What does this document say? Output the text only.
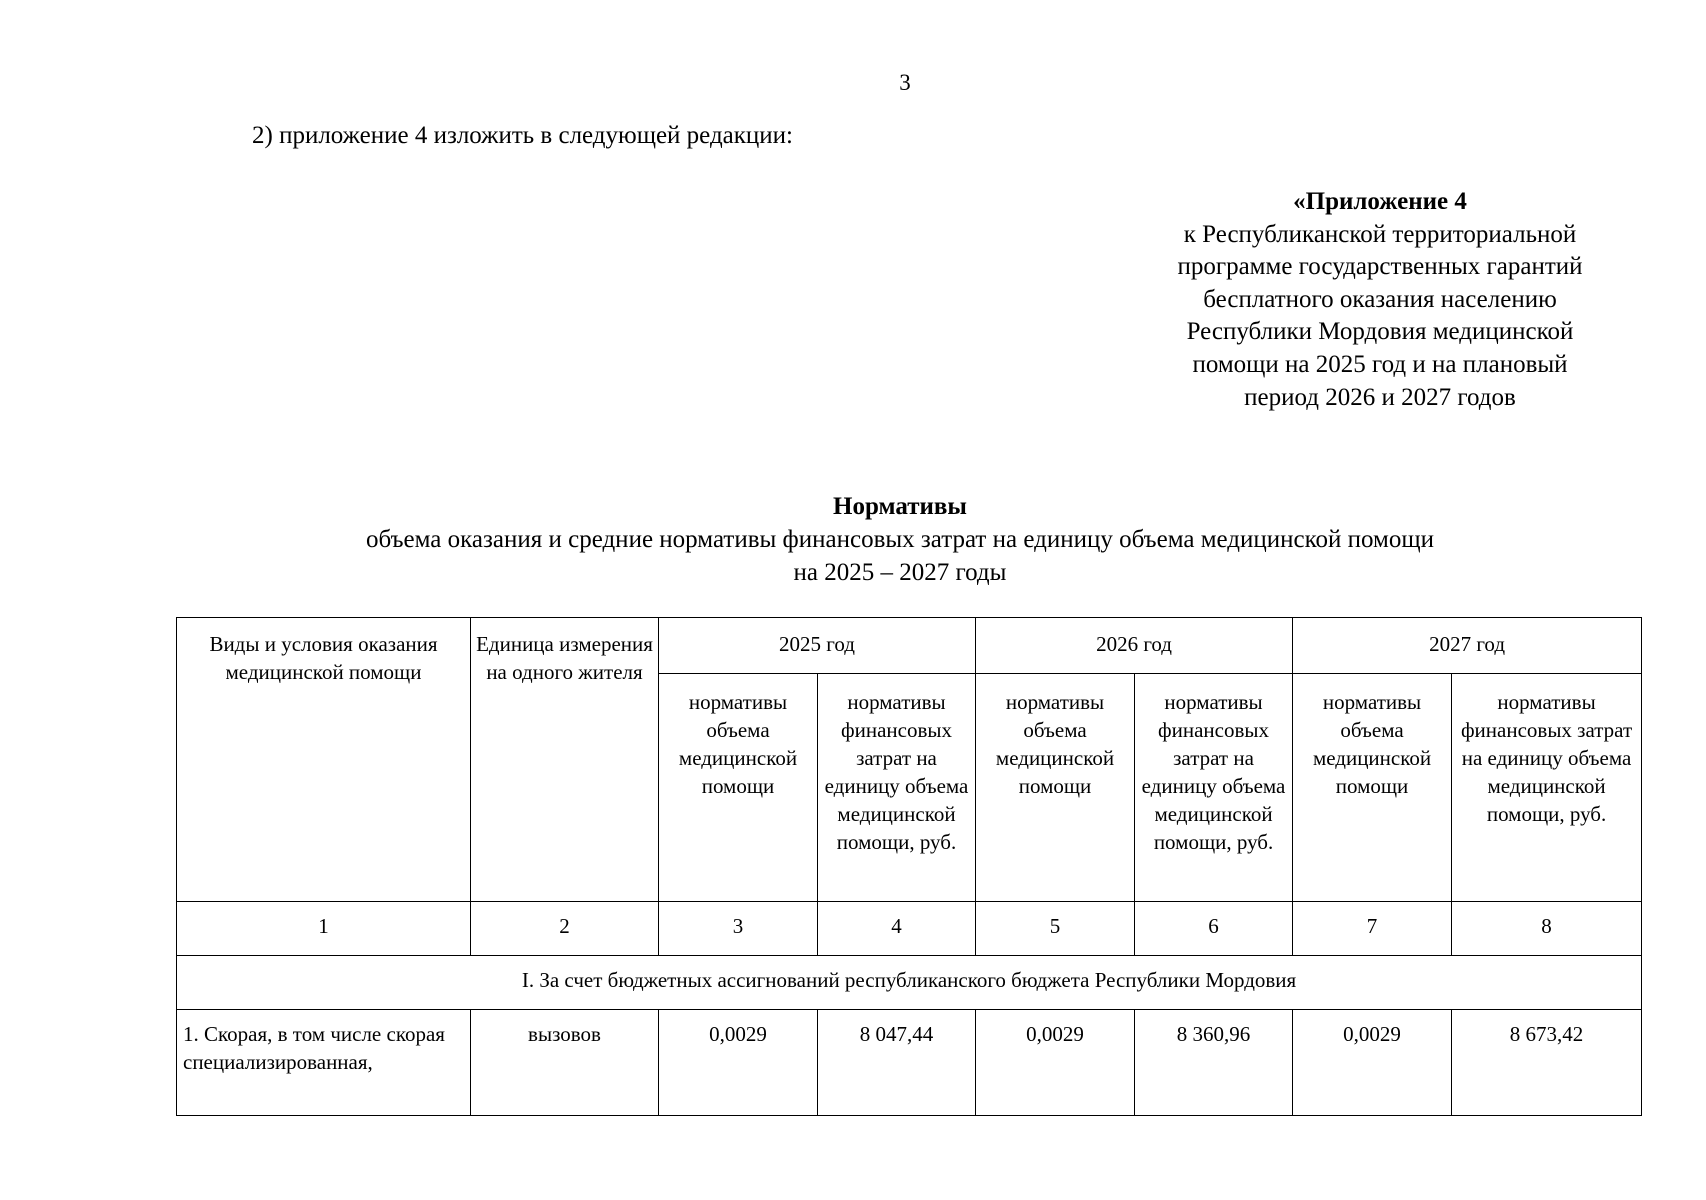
3
2) приложение 4 изложить в следующей редакции:
«Приложение 4
к Республиканской территориальной
программе государственных гарантий
бесплатного оказания населению
Республики Мордовия медицинской
помощи на 2025 год и на плановый
период 2026 и 2027 годов
Нормативы
объема оказания и средние нормативы финансовых затрат на единицу объема медицинской помощи
на 2025 – 2027 годы
Виды и условия оказания медицинской помощи	Единица измерения на одного жителя	2025 год		2026 год		2027 год	
		нормативы объема медицинской помощи	нормативы финансовых затрат на единицу объема медицинской помощи, руб.	нормативы объема медицинской помощи	нормативы финансовых затрат на единицу объема медицинской помощи, руб.	нормативы объема медицинской помощи	нормативы финансовых затрат на единицу объема медицинской помощи, руб.
1	2	3	4	5	6	7	8
I. За счет бюджетных ассигнований республиканского бюджета Республики Мордовия							
1. Скорая, в том числе скорая специализированная,	вызовов	0,0029	8 047,44	0,0029	8 360,96	0,0029	8 673,42
